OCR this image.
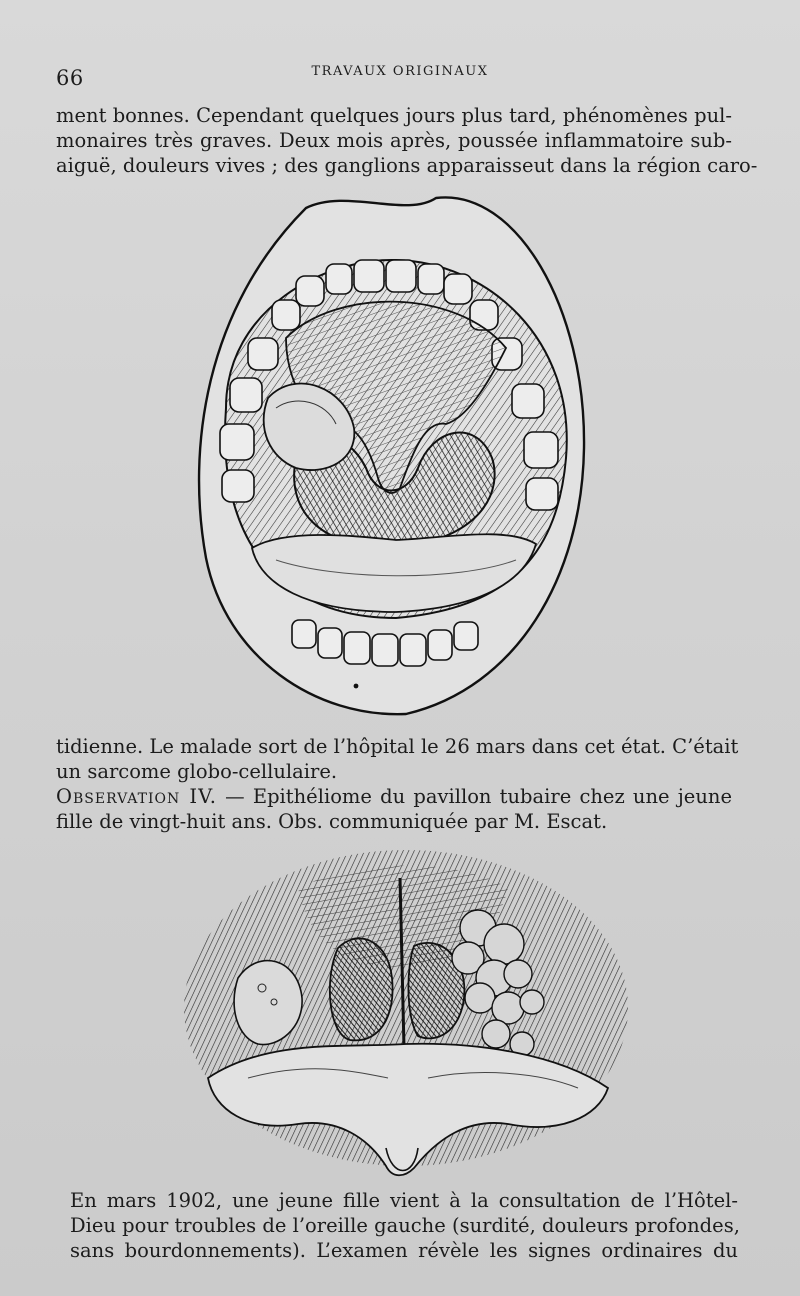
66	TRAVAUX ORIGINAUX

ment bonnes. Cependant quelques jours plus tard, phénomènes pul-
monaires très graves. Deux mois après, poussée inflammatoire sub-
aiguë, douleurs vives ; des ganglions apparaisseut dans la région caro-

tidienne. Le malade sort de l’hôpital le 26 mars dans cet état. C’était
un sarcome globo-cellulaire.

Observation IV. — Epithéliome du pavillon tubaire chez une jeune
fille de vingt-huit ans. Obs. communiquée par M. Escat.

En mars 1902, une jeune fille vient à la consultation de l’Hôtel-
Dieu pour troubles de l’oreille gauche (surdité, douleurs profondes,
sans bourdonnements). L’examen révèle les signes ordinaires du
